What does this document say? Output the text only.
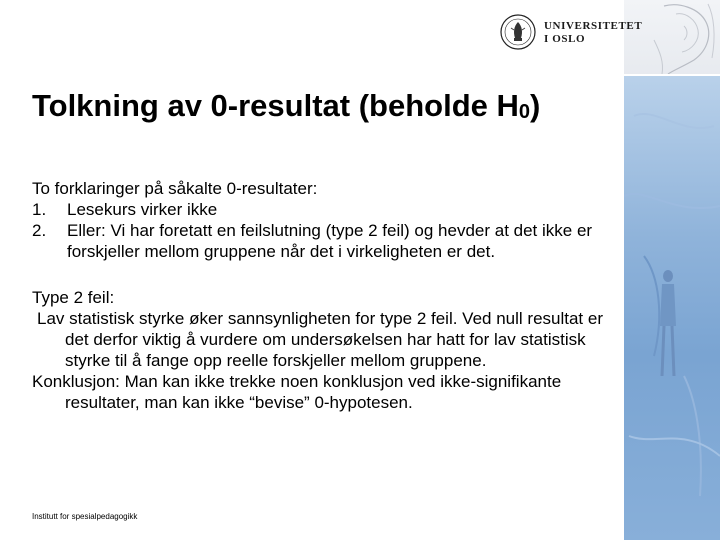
UNIVERSITETET
I OSLO
Tolkning av 0-resultat (beholde $H_0$)

To forklaringer på såkalte 0-resultater:

1. Lesekurs virker ikke
2. Eller: Vi har foretatt en feilslutning (type 2 feil) og hevder at det ikke er forskjeller mellom gruppene når det i virkeligheten er det.

Type 2 feil:

Lav statistisk styrke øker sannsynligheten for type 2 feil. Ved null resultat er det derfor viktig å vurdere om undersøkelsen har hatt for lav statistisk styrke til å fange opp reelle forskjeller mellom gruppene.

Konklusjon: Man kan ikke trekke noen konklusjon ved ikke-signifikante resultater, man kan ikke “bevise” 0-hypotesen.

Institutt for spesialpedagogikk
